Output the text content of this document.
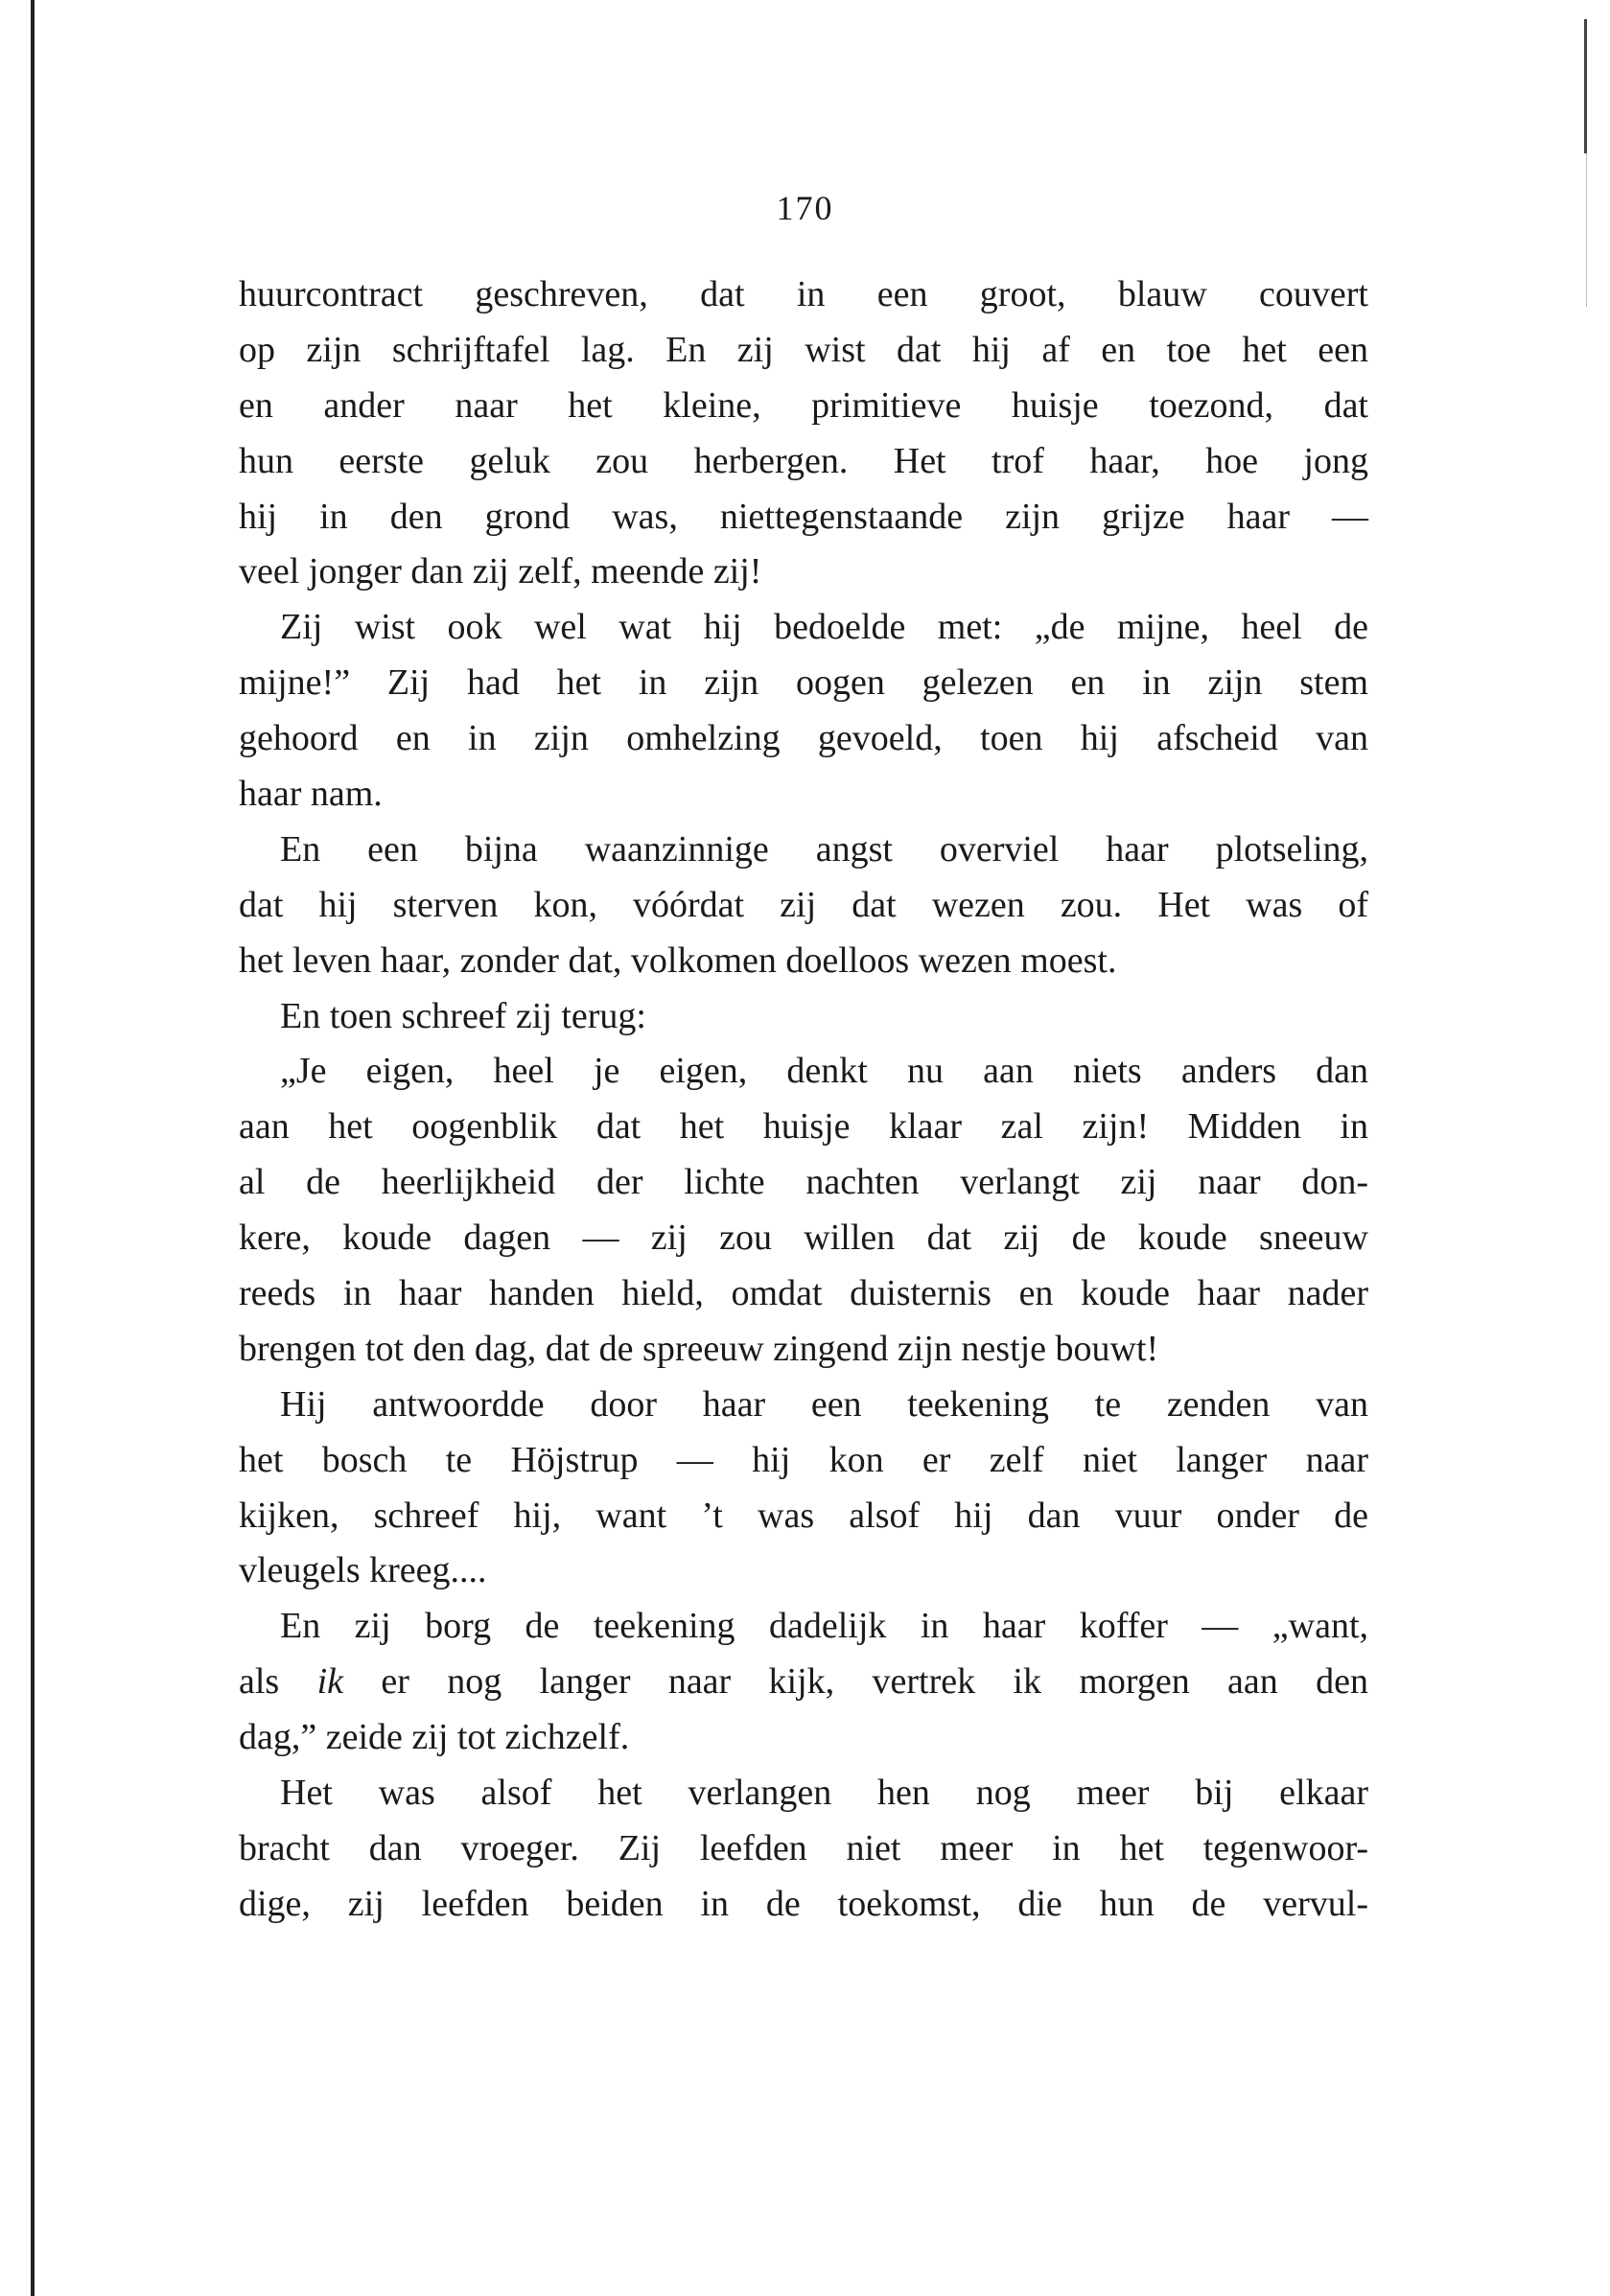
170
huurcontract geschreven, dat in een groot, blauw couvert
op zijn schrijftafel lag. En zij wist dat hij af en toe het een
en ander naar het kleine, primitieve huisje toezond, dat
hun eerste geluk zou herbergen. Het trof haar, hoe jong
hij in den grond was, niettegenstaande zijn grijze haar —
veel jonger dan zij zelf, meende zij!
Zij wist ook wel wat hij bedoelde met: „de mijne, heel de
mijne!” Zij had het in zijn oogen gelezen en in zijn stem
gehoord en in zijn omhelzing gevoeld, toen hij afscheid van
haar nam.
En een bijna waanzinnige angst overviel haar plotseling,
dat hij sterven kon, vóórdat zij dat wezen zou. Het was of
het leven haar, zonder dat, volkomen doelloos wezen moest.
En toen schreef zij terug:
„Je eigen, heel je eigen, denkt nu aan niets anders dan
aan het oogenblik dat het huisje klaar zal zijn! Midden in
al de heerlijkheid der lichte nachten verlangt zij naar don-
kere, koude dagen — zij zou willen dat zij de koude sneeuw
reeds in haar handen hield, omdat duisternis en koude haar nader
brengen tot den dag, dat de spreeuw zingend zijn nestje bouwt!
Hij antwoordde door haar een teekening te zenden van
het bosch te Höjstrup — hij kon er zelf niet langer naar
kijken, schreef hij, want ’t was alsof hij dan vuur onder de
vleugels kreeg....
En zij borg de teekening dadelijk in haar koffer — „want,
als ik er nog langer naar kijk, vertrek ik morgen aan den
dag,” zeide zij tot zichzelf.
Het was alsof het verlangen hen nog meer bij elkaar
bracht dan vroeger. Zij leefden niet meer in het tegenwoor-
dige, zij leefden beiden in de toekomst, die hun de vervul-
